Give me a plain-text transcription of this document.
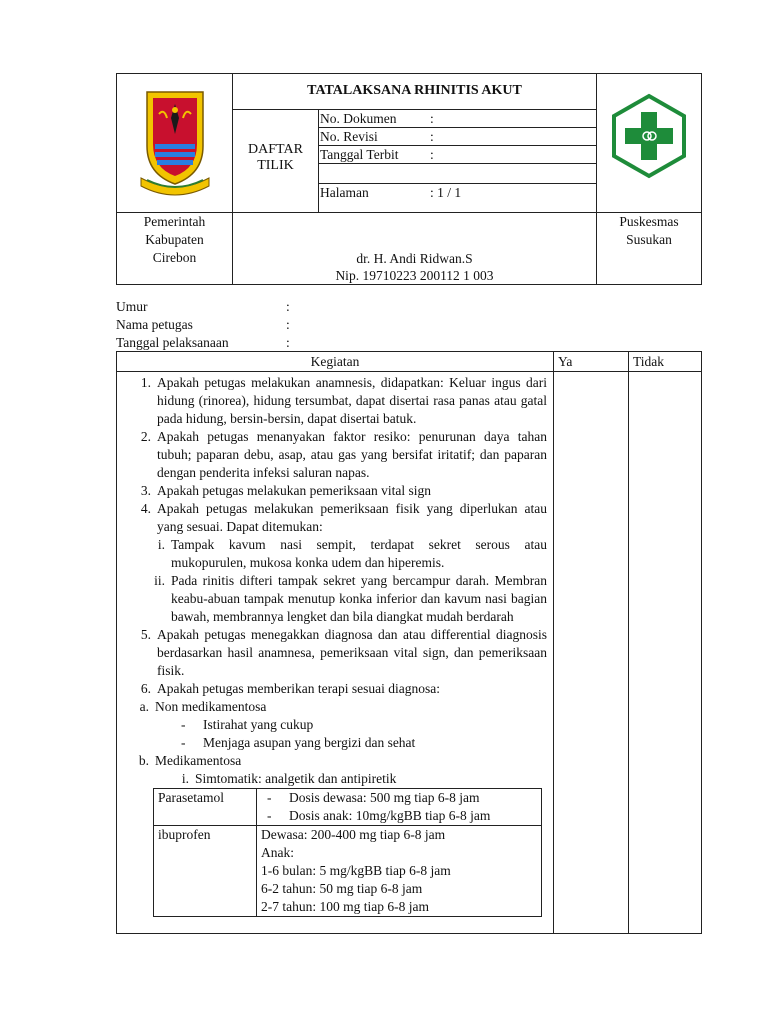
	TATALAKSANA RHINITIS AKUT	

DAFTAR
TILIK

No. Dokumen	:
No. Revisi	:
Tanggal Terbit	:

Halaman	: 1 / 1

Pemerintah
Kabupaten
Cirebon	dr. H. Andi Ridwan.S
Nip. 19710223 200112 1 003

Puskesmas
Susukan
Umur	:
Nama petugas	:
Tanggal pelaksanaan	:
Kegiatan	Ya	Tidak

1. Apakah petugas melakukan anamnesis, didapatkan: Keluar ingus dari hidung (rinorea), hidung tersumbat, dapat disertai rasa panas atau gatal pada hidung, bersin-bersin, dapat disertai batuk.
2. Apakah petugas menanyakan faktor resiko: penurunan daya tahan tubuh; paparan debu, asap, atau gas yang bersifat iritatif; dan paparan dengan penderita infeksi saluran napas.
3. Apakah petugas melakukan pemeriksaan vital sign
4. Apakah petugas melakukan pemeriksaan fisik yang diperlukan atau yang sesuai. Dapat ditemukan:
i. Tampak kavum nasi sempit, terdapat sekret serous atau mukopurulen, mukosa konka udem dan hiperemis.
ii. Pada rinitis difteri tampak sekret yang bercampur darah. Membran keabu-abuan tampak menutup konka inferior dan kavum nasi bagian bawah, membrannya lengket dan bila diangkat mudah berdarah
5. Apakah petugas menegakkan diagnosa dan atau differential diagnosis berdasarkan hasil anamnesa, pemeriksaan vital sign, dan pemeriksaan fisik.
6. Apakah petugas memberikan terapi sesuai diagnosa:
a. Non medikamentosa
-	Istirahat yang cukup
-	Menjaga asupan yang bergizi dan sehat
b. Medikamentosa
i. Simtomatik: analgetik dan antipiretik
Parasetamol	-	Dosis dewasa: 500 mg tiap 6-8 jam
-	Dosis anak: 10mg/kgBB tiap 6-8 jam

ibuprofen	Dewasa: 200-400 mg tiap 6-8 jam
Anak:
1-6 bulan: 5 mg/kgBB tiap 6-8 jam
6-2 tahun: 50 mg tiap 6-8 jam
2-7 tahun: 100 mg tiap 6-8 jam
